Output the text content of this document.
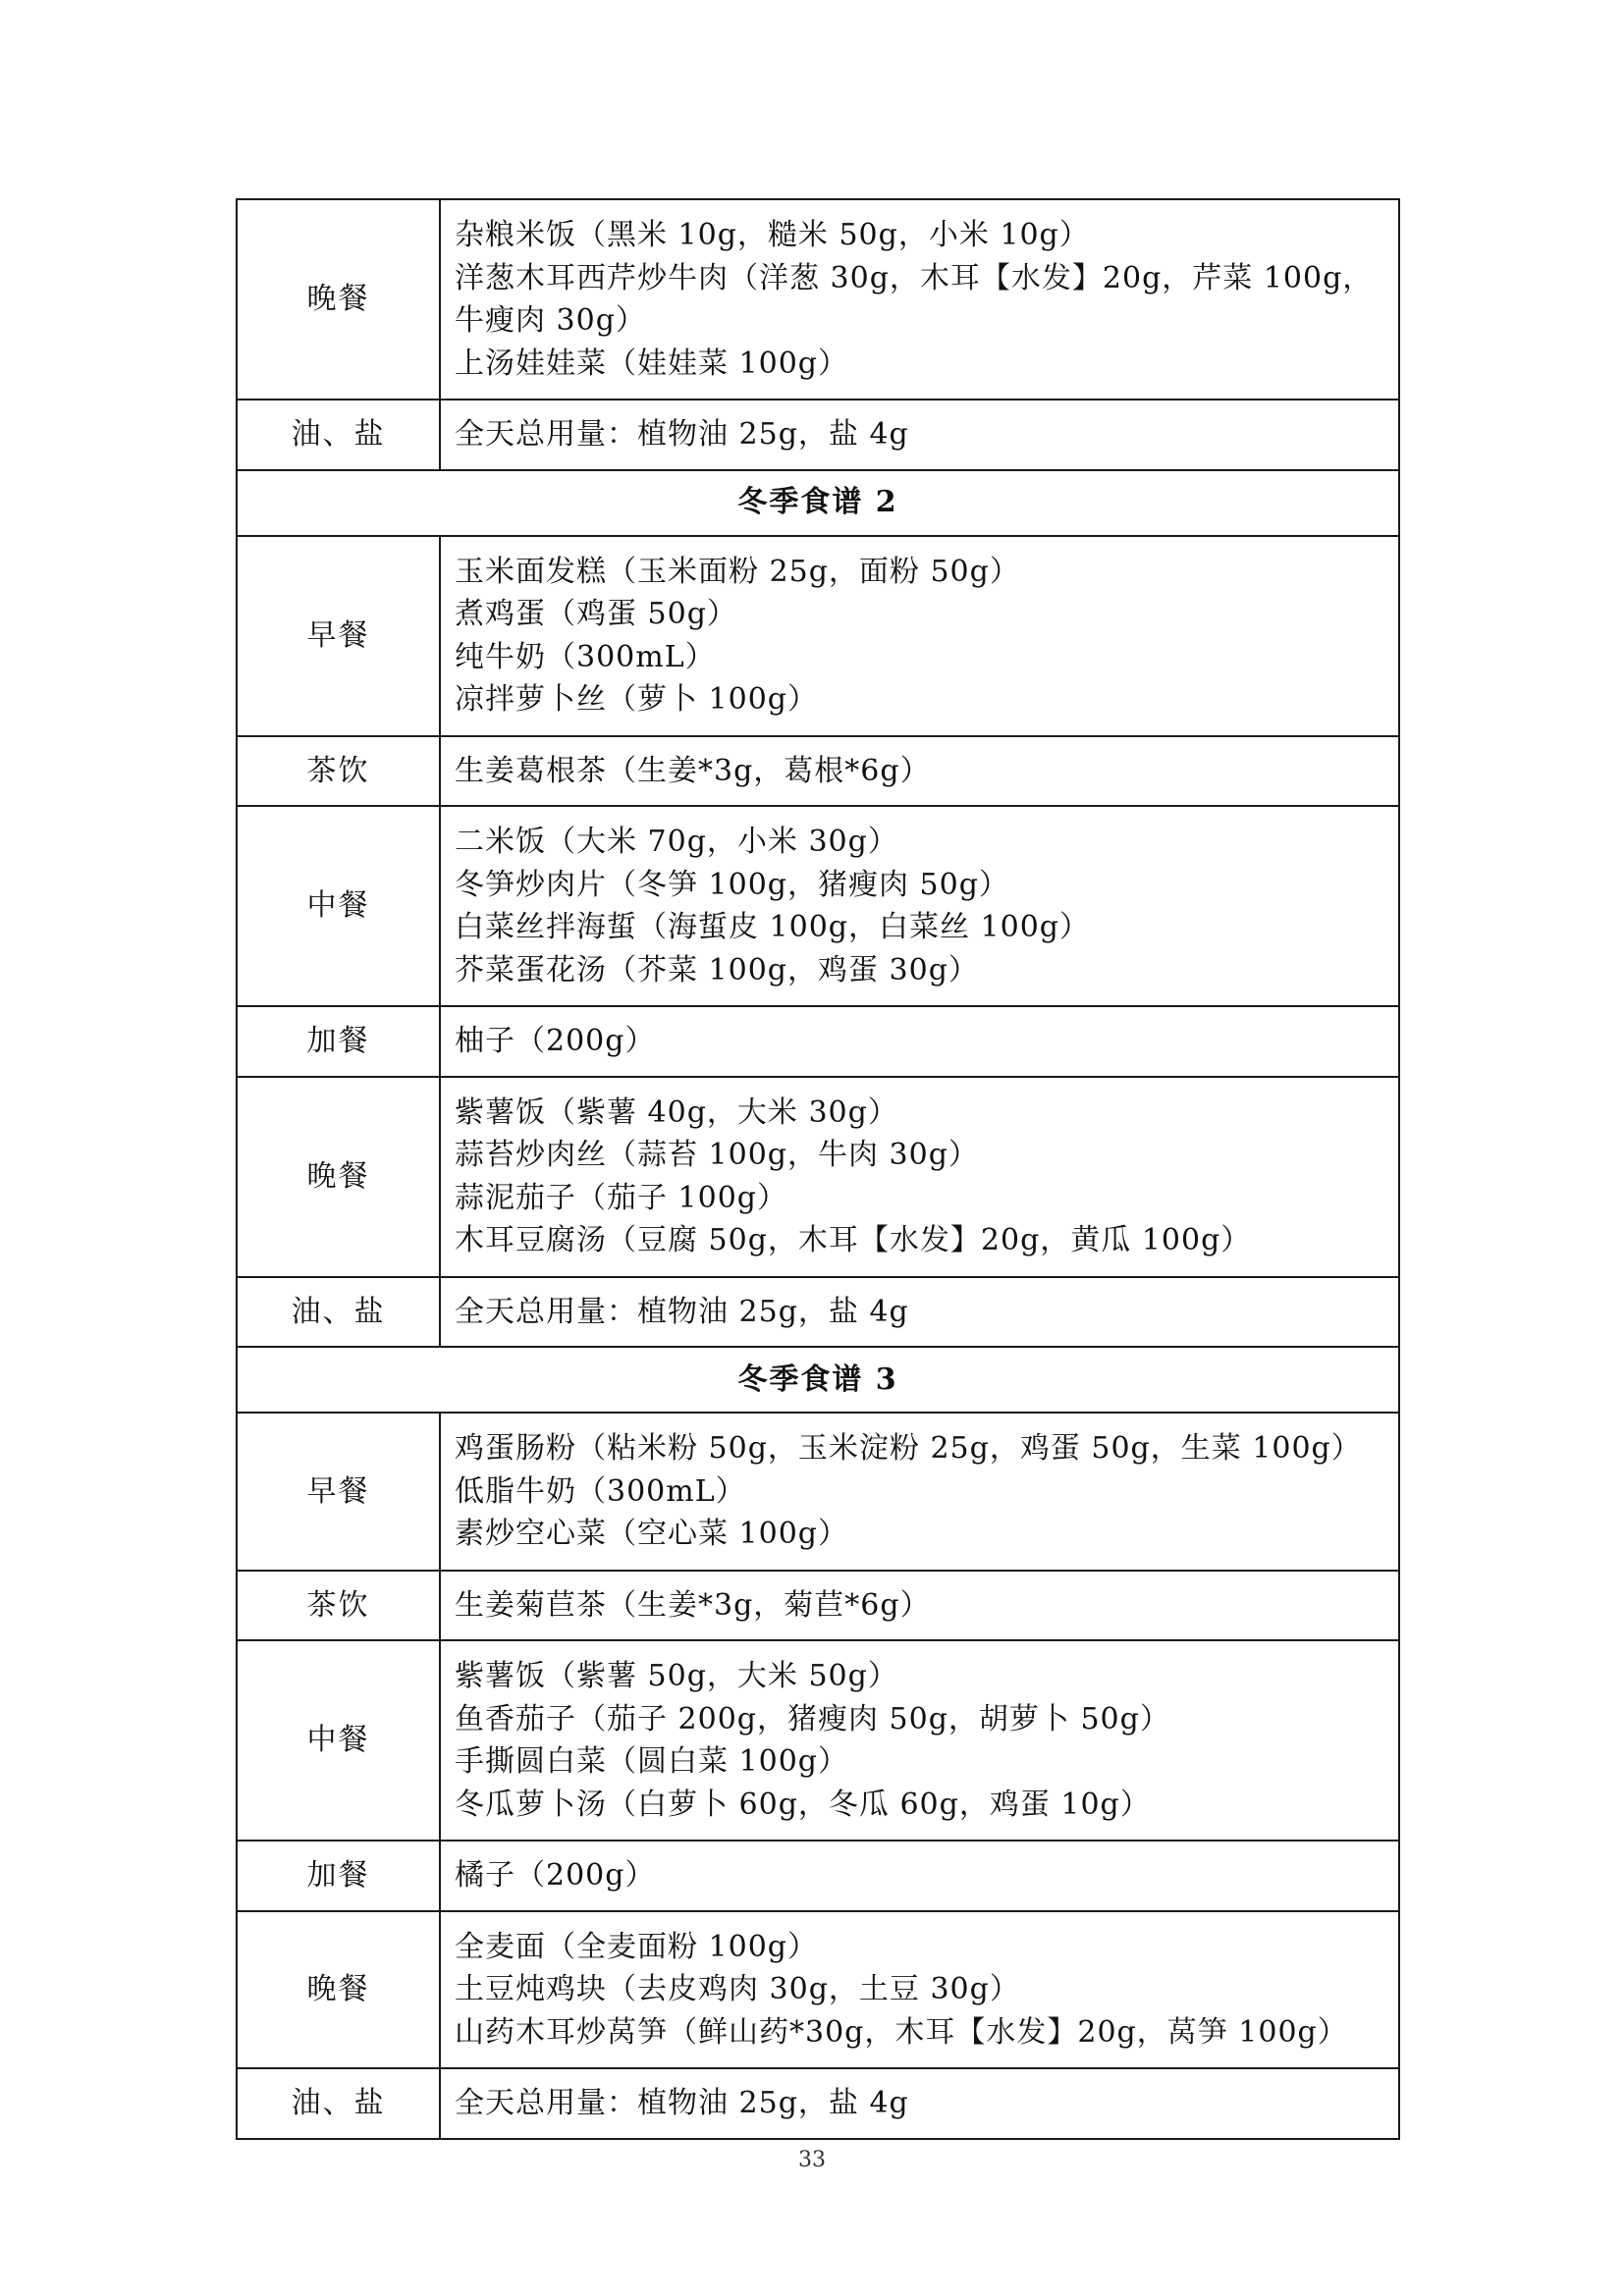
晚餐	杂粮米饭（黑米 10g，糙米 50g，小米 10g）
洋葱木耳西芹炒牛肉（洋葱 30g，木耳【水发】20g，芹菜 100g，牛瘦肉 30g）
上汤娃娃菜（娃娃菜 100g）

油、盐	全天总用量：植物油 25g，盐 4g

冬季食谱 2	
早餐	玉米面发糕（玉米面粉 25g，面粉 50g）
煮鸡蛋（鸡蛋 50g）
纯牛奶（300mL）
凉拌萝卜丝（萝卜 100g）

茶饮	生姜葛根茶（生姜*3g，葛根*6g）

中餐	二米饭（大米 70g，小米 30g）
冬笋炒肉片（冬笋 100g，猪瘦肉 50g）
白菜丝拌海蜇（海蜇皮 100g，白菜丝 100g）
芥菜蛋花汤（芥菜 100g，鸡蛋 30g）

加餐	柚子（200g）

晚餐	紫薯饭（紫薯 40g，大米 30g）
蒜苔炒肉丝（蒜苔 100g，牛肉 30g）
蒜泥茄子（茄子 100g）
木耳豆腐汤（豆腐 50g，木耳【水发】20g，黄瓜 100g）

油、盐	全天总用量：植物油 25g，盐 4g

冬季食谱 3	
早餐	鸡蛋肠粉（粘米粉 50g，玉米淀粉 25g，鸡蛋 50g，生菜 100g）
低脂牛奶（300mL）
素炒空心菜（空心菜 100g）

茶饮	生姜菊苣茶（生姜*3g，菊苣*6g）

中餐	紫薯饭（紫薯 50g，大米 50g）
鱼香茄子（茄子 200g，猪瘦肉 50g，胡萝卜 50g）
手撕圆白菜（圆白菜 100g）
冬瓜萝卜汤（白萝卜 60g，冬瓜 60g，鸡蛋 10g）

加餐	橘子（200g）

晚餐	全麦面（全麦面粉 100g）
土豆炖鸡块（去皮鸡肉 30g，土豆 30g）
山药木耳炒莴笋（鲜山药*30g，木耳【水发】20g，莴笋 100g）

油、盐	全天总用量：植物油 25g，盐 4g
33
